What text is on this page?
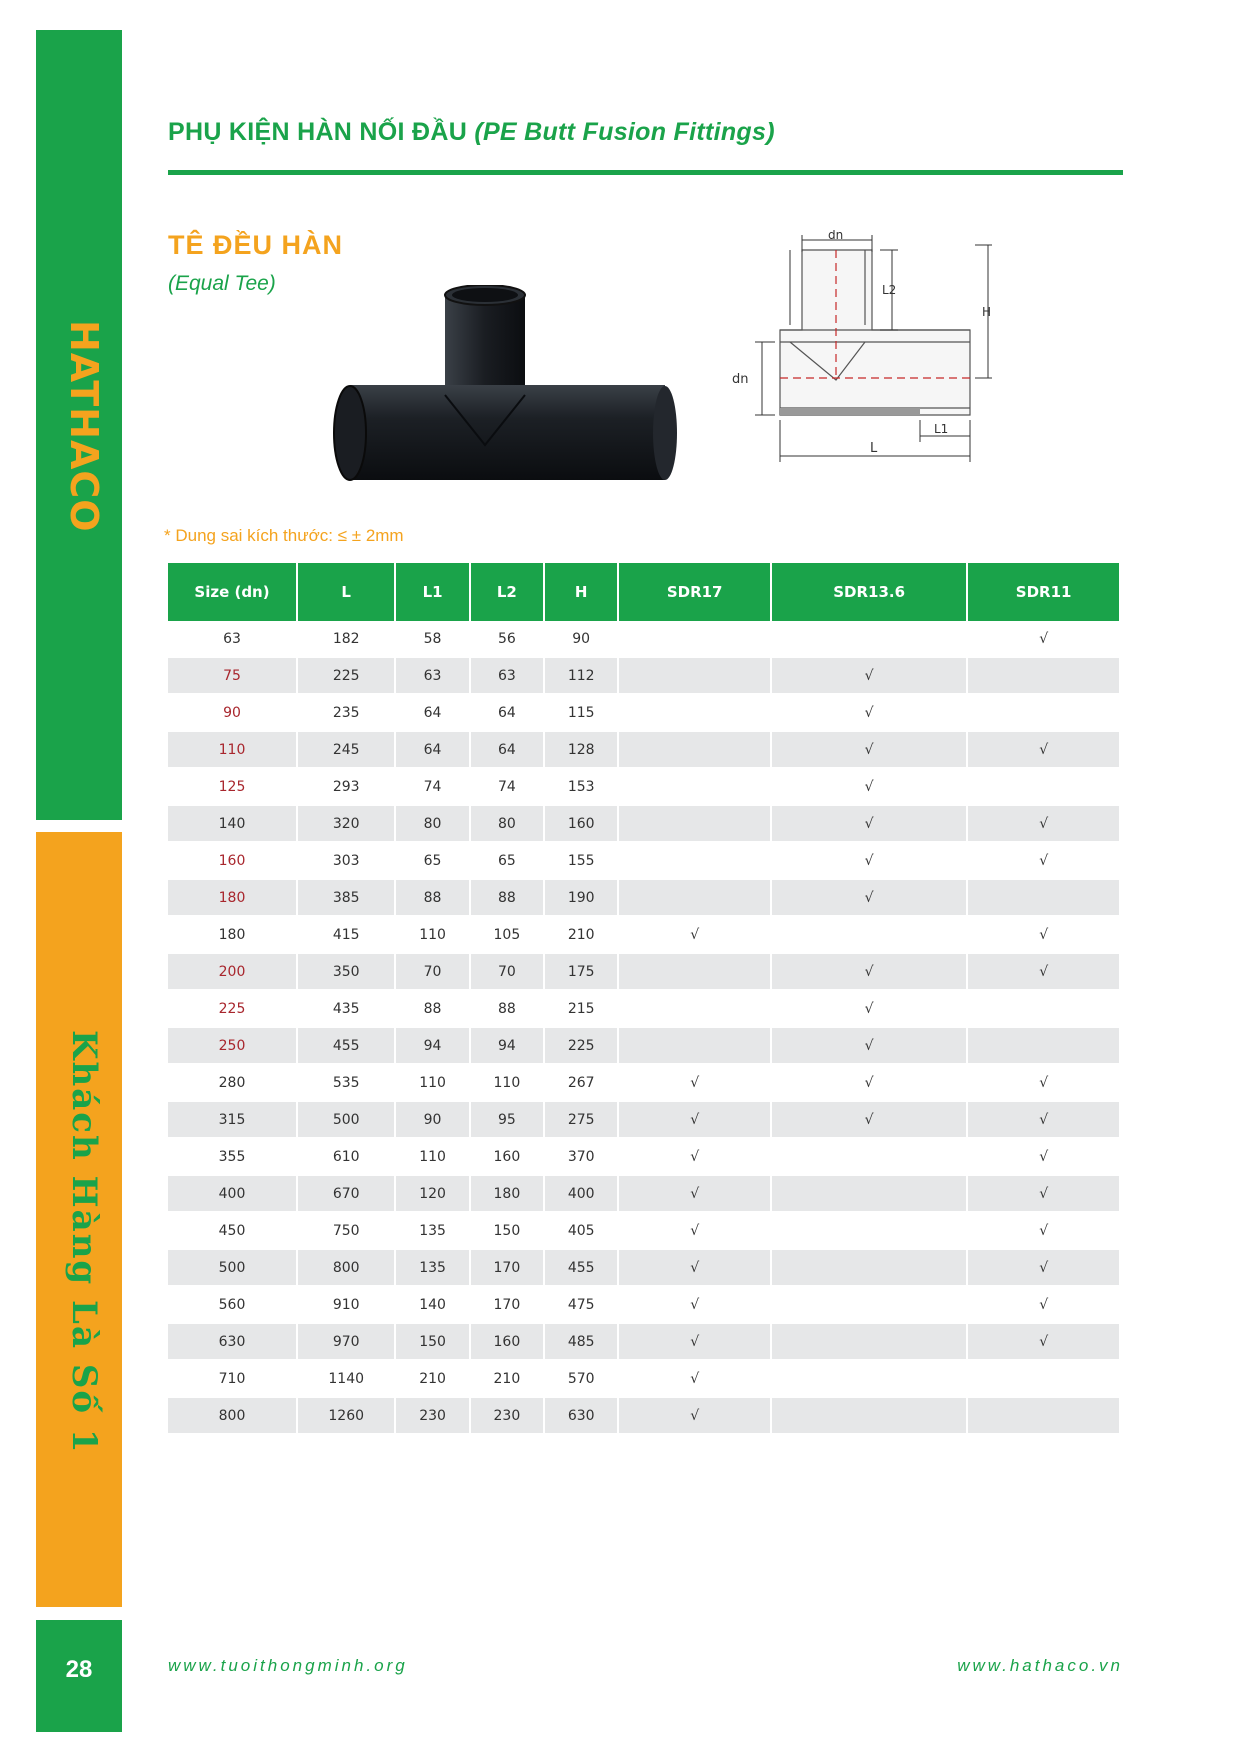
28
HATHACO
Khách Hàng Là Số 1
PHỤ KIỆN HÀN NỐI ĐẦU (PE Butt Fusion Fittings)
TÊ ĐỀU HÀN
(Equal Tee)
dn
L2
H
dn
L1
L
* Dung sai kích thước: ≤ ± 2mm
Size (dn)	L	L1	L2	H	SDR17	SDR13.6	SDR11
63	182	58	56	90			√
75	225	63	63	112		√	
90	235	64	64	115		√	
110	245	64	64	128		√	√
125	293	74	74	153		√	
140	320	80	80	160		√	√
160	303	65	65	155		√	√
180	385	88	88	190		√	
180	415	110	105	210	√		√
200	350	70	70	175		√	√
225	435	88	88	215		√	
250	455	94	94	225		√	
280	535	110	110	267	√	√	√
315	500	90	95	275	√	√	√
355	610	110	160	370	√		√
400	670	120	180	400	√		√
450	750	135	150	405	√		√
500	800	135	170	455	√		√
560	910	140	170	475	√		√
630	970	150	160	485	√		√
710	1140	210	210	570	√		
800	1260	230	230	630	√		
www.tuoithongminh.org	www.hathaco.vn
